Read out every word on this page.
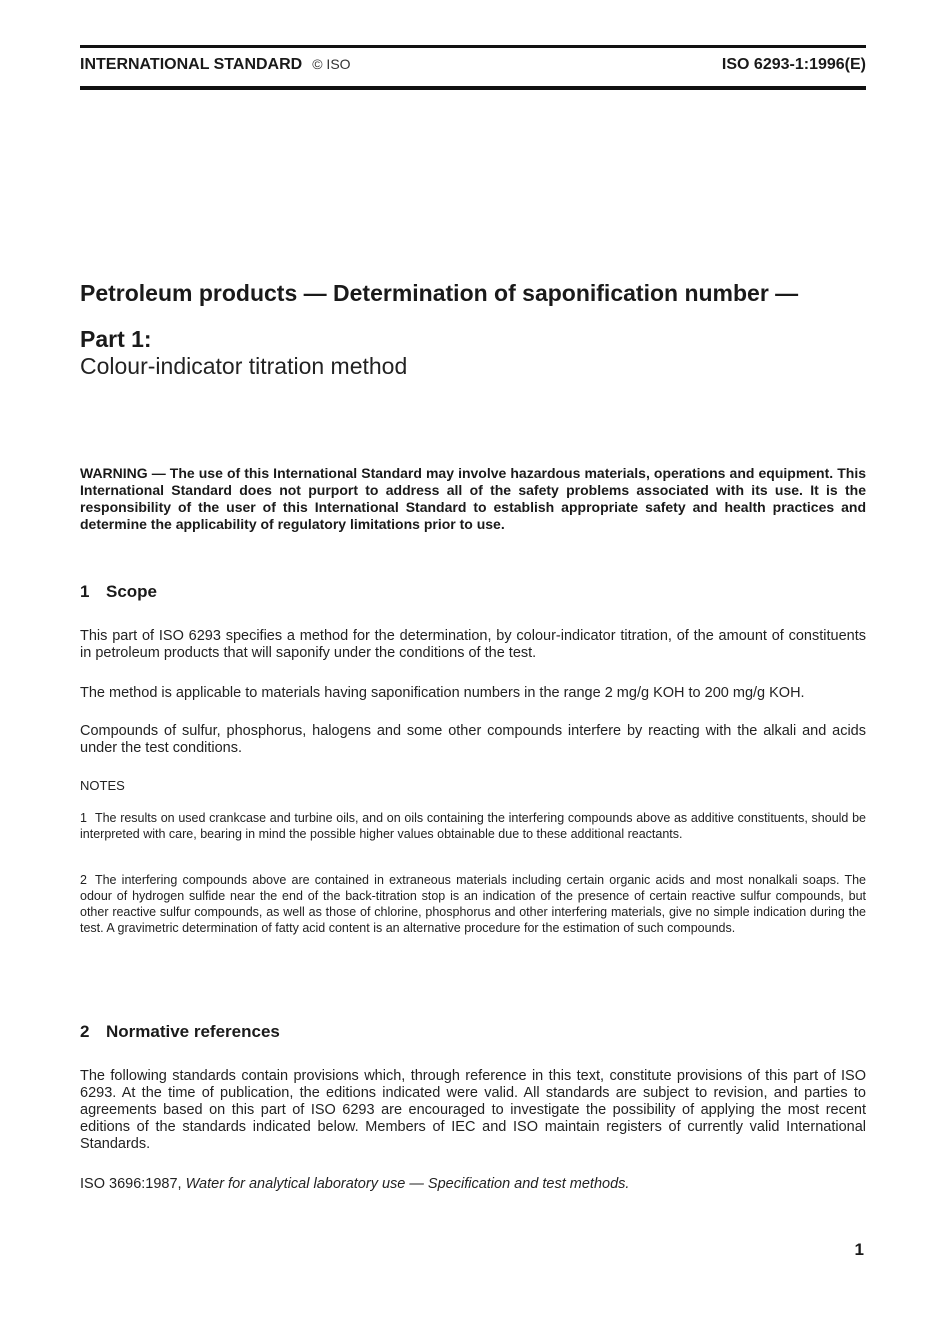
INTERNATIONAL STANDARD © ISO	ISO 6293-1:1996(E)
Petroleum products — Determination of saponification number —
Part 1:
Colour-indicator titration method
WARNING — The use of this International Standard may involve hazardous materials, operations and equipment. This International Standard does not purport to address all of the safety problems associated with its use. It is the responsibility of the user of this International Standard to establish appropriate safety and health practices and determine the applicability of regulatory limitations prior to use.
1 Scope
This part of ISO 6293 specifies a method for the determination, by colour-indicator titration, of the amount of constituents in petroleum products that will saponify under the conditions of the test.
The method is applicable to materials having saponification numbers in the range 2 mg/g KOH to 200 mg/g KOH.
Compounds of sulfur, phosphorus, halogens and some other compounds interfere by reacting with the alkali and acids under the test conditions.
NOTES
1 The results on used crankcase and turbine oils, and on oils containing the interfering compounds above as additive constituents, should be interpreted with care, bearing in mind the possible higher values obtainable due to these additional reactants.
2 The interfering compounds above are contained in extraneous materials including certain organic acids and most nonalkali soaps. The odour of hydrogen sulfide near the end of the back-titration stop is an indication of the presence of certain reactive sulfur compounds, but other reactive sulfur compounds, as well as those of chlorine, phosphorus and other interfering materials, give no simple indication during the test. A gravimetric determination of fatty acid content is an alternative procedure for the estimation of such compounds.
2 Normative references
The following standards contain provisions which, through reference in this text, constitute provisions of this part of ISO 6293. At the time of publication, the editions indicated were valid. All standards are subject to revision, and parties to agreements based on this part of ISO 6293 are encouraged to investigate the possibility of applying the most recent editions of the standards indicated below. Members of IEC and ISO maintain registers of currently valid International Standards.
ISO 3696:1987, Water for analytical laboratory use — Specification and test methods.
1
